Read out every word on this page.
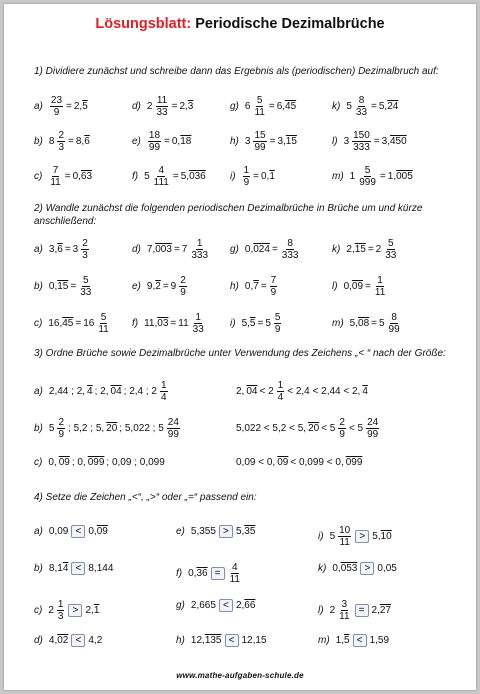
Lösungsblatt: Periodische Dezimalbrüche
1) Dividiere zunächst und schreibe dann das Ergebnis als (periodischen) Dezimalbruch auf:
$a) \frac{23}{9} = 2,5$
b) $8 \frac{2}{3} = 8,6$
$c) \frac{7}{11} = 0,63$
d) $2 \frac{11}{33} = 2,3$
$e) \frac{18}{99} = 0,18$
f) $5 \frac{4}{111} = 5,036$
g) $6 \frac{5}{11} = 6,45$
h) $3 \frac{15}{99} = 3,15$
$i) \frac{1}{9} = 0,1$
k) $5 \frac{8}{33} = 5,24$
l) $3 \frac{150}{333} = 3,450$
m) $1 \frac{5}{999} = 1,005$
2) Wandle zunächst die folgenden periodischen Dezimalbrüche in Brüche um und kürze anschließend:
a) $3,6 = 3 \frac{2}{3}$
b) $0,15 = \frac{5}{33}$
c) $16,45 = 16 \frac{5}{11}$
d) $7,003 = 7 \frac{1}{333}$
e) $9,2 = 9 \frac{2}{9}$
f) $11,03 = 11 \frac{1}{33}$
g) $0,024 = \frac{8}{333}$
h) $0,7 = \frac{7}{9}$
i) $5,5 = 5 \frac{5}{9}$
k) $2,15 = 2 \frac{5}{33}$
l) $0,09 = \frac{1}{11}$
m) $5,08 = 5 \frac{8}{99}$
3) Ordne Brüche sowie Dezimalbrüche unter Verwendung des Zeichens „< “ nach der Größe:
a) 2,44 ; 2, 4 ; 2, 04 ; 2,4 ; $2 \frac{1}{4}$	2, $04 < 2 \frac{1}{4} < 2,4 < 2,44 < 2$, 4
b) $5 \frac{2}{9}$ ; 5,2 ; 5, 20 ; 5,022 ; $5 \frac{24}{99}$	5,022 < 5,2 < 5, $20 < 5 \frac{2}{9} < 5 \frac{24}{99}$
c) 0, 09 ; 0, 099 ; 0,09 ; 0,099	0,09 < 0, 09 < 0,099 < 0, 099
4) Setze die Zeichen „<“, „>“ oder „=“ passend ein:
a) 0,09 < 0,09
b) 8,14 < 8,144
c) $2 \frac{1}{3} > 2,1$
d) 4,02 < 4,2
e) 5,355 > 5,35
f) $0,36 = \frac{4}{11}$
g) 2,665 < 2,66
h) 12,135 < 12,15
i) $5 \frac{10}{11} > 5,10$
k) 0,053 > 0,05
l) $2 \frac{3}{11} = 2,27$
m) 1,5 < 1,59
www.mathe-aufgaben-schule.de
